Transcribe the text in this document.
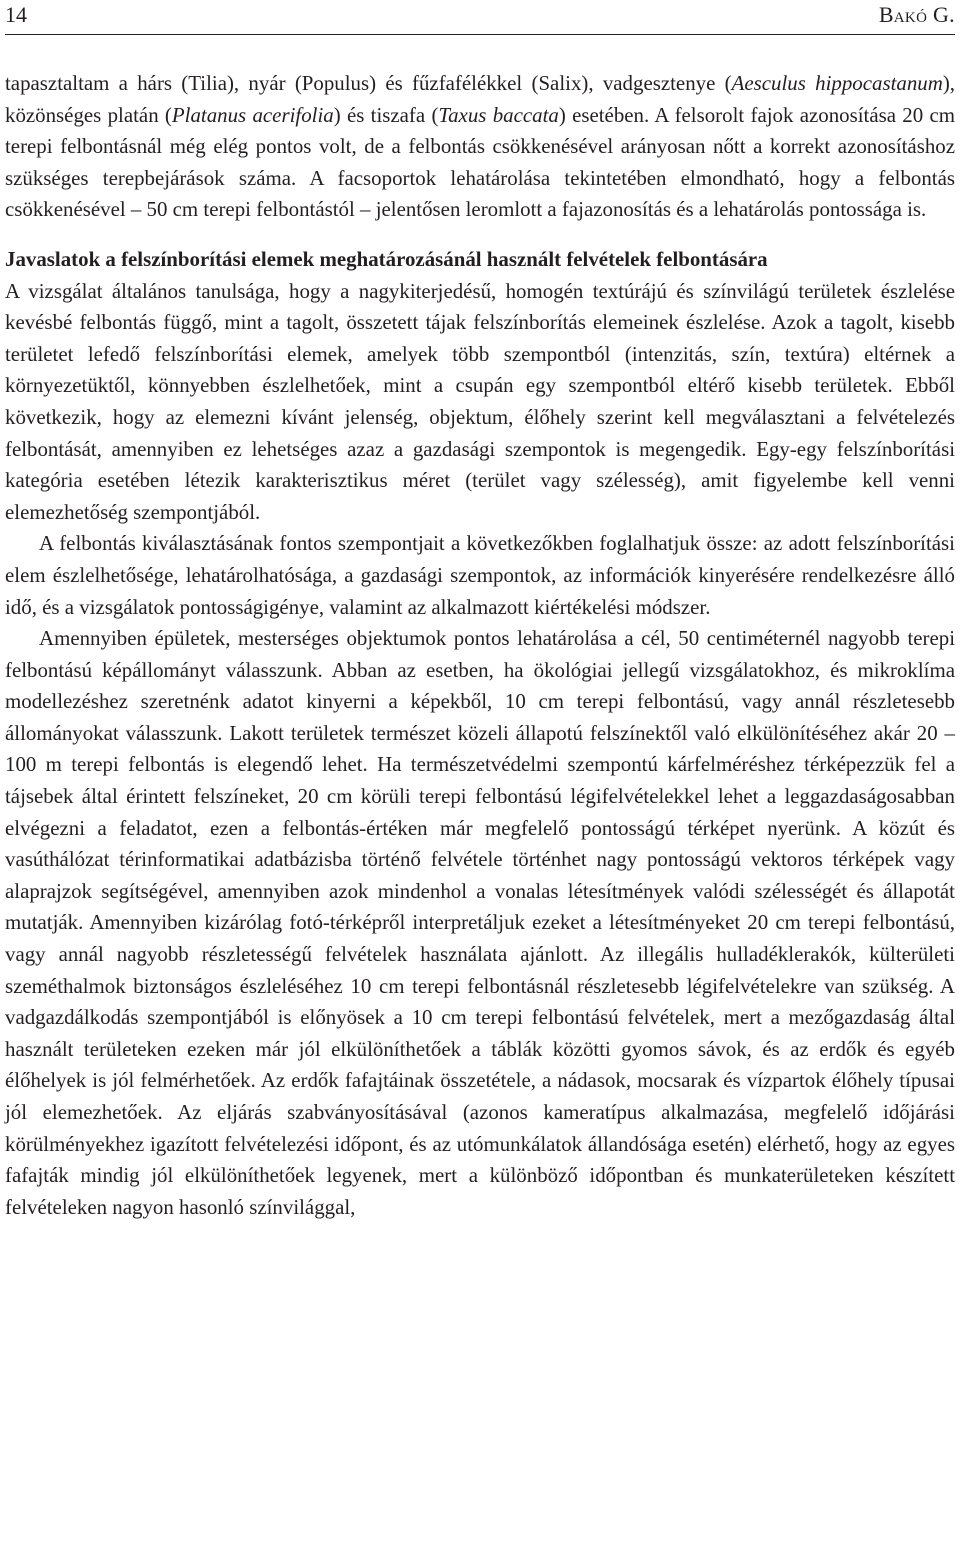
14	Bakó G.

tapasztaltam a hárs (Tilia), nyár (Populus) és fűzfafélékkel (Salix), vadgesztenye (Aesculus hippocastanum), közönséges platán (Platanus acerifolia) és tiszafa (Taxus baccata) esetében. A felsorolt fajok azonosítása 20 cm terepi felbontásnál még elég pontos volt, de a felbontás csökkenésével arányosan nőtt a korrekt azonosításhoz szükséges terepbejárások száma. A facsoportok lehatárolása tekintetében elmondható, hogy a felbontás csökkenésével – 50 cm terepi felbontástól – jelentősen leromlott a fajazonosítás és a lehatárolás pontossága is.

Javaslatok a felszínborítási elemek meghatározásánál használt felvételek felbontására

A vizsgálat általános tanulsága, hogy a nagykiterjedésű, homogén textúrájú és színvilágú területek észlelése kevésbé felbontás függő, mint a tagolt, összetett tájak felszínborítás elemeinek észlelése. Azok a tagolt, kisebb területet lefedő felszínborítási elemek, amelyek több szempontból (intenzitás, szín, textúra) eltérnek a környezetüktől, könnyebben észlelhetőek, mint a csupán egy szempontból eltérő kisebb területek. Ebből következik, hogy az elemezni kívánt jelenség, objektum, élőhely szerint kell megválasztani a felvételezés felbontását, amennyiben ez lehetséges azaz a gazdasági szempontok is megengedik. Egy-egy felszínborítási kategória esetében létezik karakterisztikus méret (terület vagy szélesség), amit figyelembe kell venni elemezhetőség szempontjából.

A felbontás kiválasztásának fontos szempontjait a következőkben foglalhatjuk össze: az adott felszínborítási elem észlelhetősége, lehatárolhatósága, a gazdasági szempontok, az információk kinyerésére rendelkezésre álló idő, és a vizsgálatok pontosságigénye, valamint az alkalmazott kiértékelési módszer.

Amennyiben épületek, mesterséges objektumok pontos lehatárolása a cél, 50 centiméternél nagyobb terepi felbontású képállományt válasszunk. Abban az esetben, ha ökológiai jellegű vizsgálatokhoz, és mikroklíma modellezéshez szeretnénk adatot kinyerni a képekből, 10 cm terepi felbontású, vagy annál részletesebb állományokat válasszunk. Lakott területek természet közeli állapotú felszínektől való elkülönítéséhez akár 20 – 100 m terepi felbontás is elegendő lehet. Ha természetvédelmi szempontú kárfelméréshez térképezzük fel a tájsebek által érintett felszíneket, 20 cm körüli terepi felbontású légifelvételekkel lehet a leggazdaságosabban elvégezni a feladatot, ezen a felbontás-értéken már megfelelő pontosságú térképet nyerünk. A közút és vasúthálózat térinformatikai adatbázisba történő felvétele történhet nagy pontosságú vektoros térképek vagy alaprajzok segítségével, amennyiben azok mindenhol a vonalas létesítmények valódi szélességét és állapotát mutatják. Amennyiben kizárólag fotó-térképről interpretáljuk ezeket a létesítményeket 20 cm terepi felbontású, vagy annál nagyobb részletességű felvételek használata ajánlott. Az illegális hulladéklerakók, külterületi szeméthalmok biztonságos észleléséhez 10 cm terepi felbontásnál részletesebb légifelvételekre van szükség. A vadgazdálkodás szempontjából is előnyösek a 10 cm terepi felbontású felvételek, mert a mezőgazdaság által használt területeken ezeken már jól elkülöníthetőek a táblák közötti gyomos sávok, és az erdők és egyéb élőhelyek is jól felmérhetőek. Az erdők fafajtáinak összetétele, a nádasok, mocsarak és vízpartok élőhely típusai jól elemezhetőek. Az eljárás szabványosításával (azonos kameratípus alkalmazása, megfelelő időjárási körülményekhez igazított felvételezési időpont, és az utómunkálatok állandósága esetén) elérhető, hogy az egyes fafajták mindig jól elkülöníthetőek legyenek, mert a különböző időpontban és munkaterületeken készített felvételeken nagyon hasonló színvilággal,
